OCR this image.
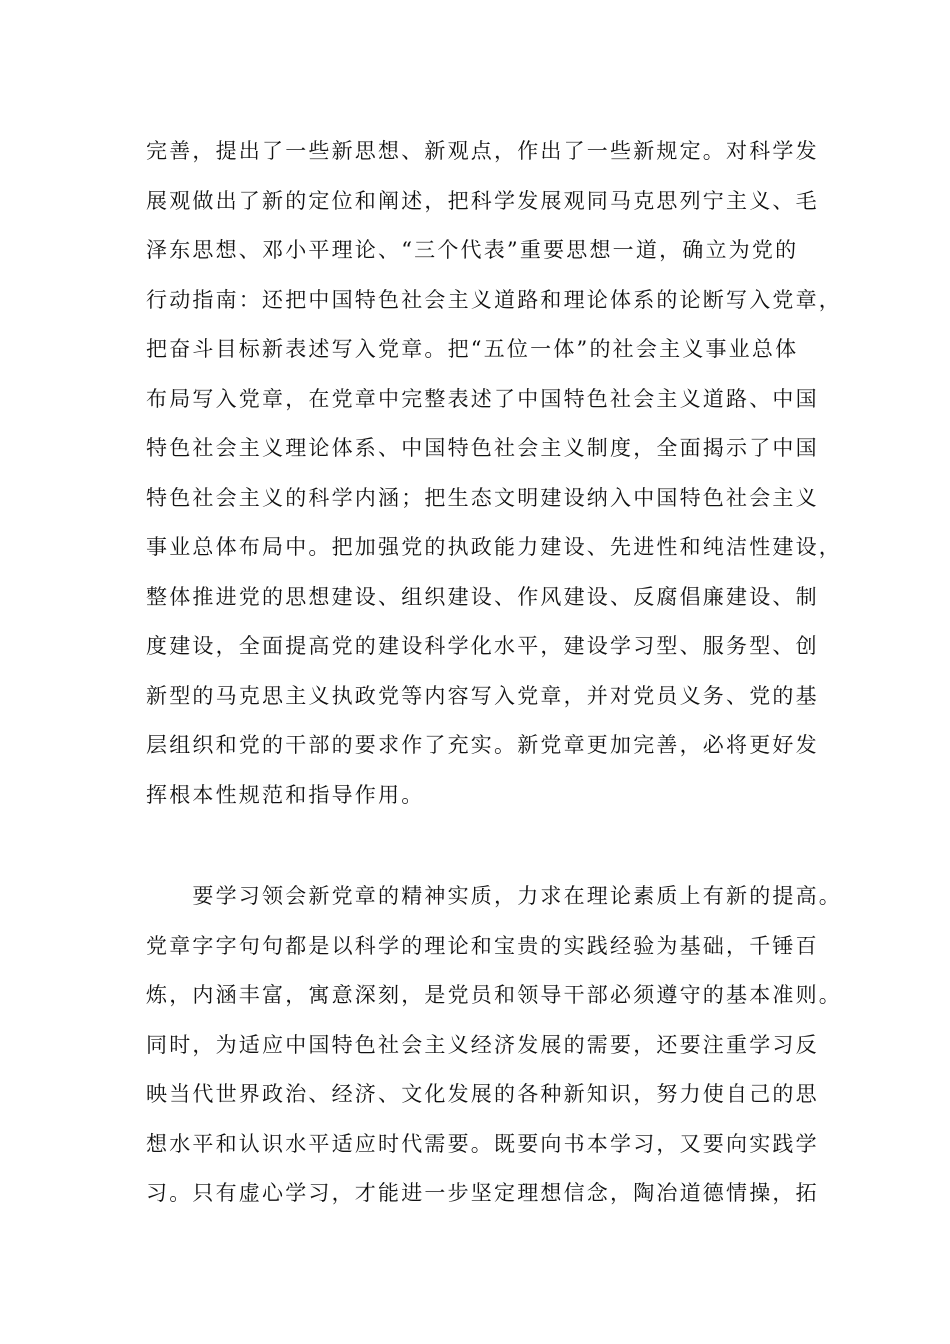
完善，提出了一些新思想、新观点，作出了一些新规定。对科学发
展观做出了新的定位和阐述，把科学发展观同马克思列宁主义、毛
泽东思想、邓小平理论、“三个代表”重要思想一道，确立为党的
行动指南：还把中国特色社会主义道路和理论体系的论断写入党章，
把奋斗目标新表述写入党章。把“五位一体”的社会主义事业总体
布局写入党章，在党章中完整表述了中国特色社会主义道路、中国
特色社会主义理论体系、中国特色社会主义制度，全面揭示了中国
特色社会主义的科学内涵；把生态文明建设纳入中国特色社会主义
事业总体布局中。把加强党的执政能力建设、先进性和纯洁性建设，
整体推进党的思想建设、组织建设、作风建设、反腐倡廉建设、制
度建设，全面提高党的建设科学化水平，建设学习型、服务型、创
新型的马克思主义执政党等内容写入党章，并对党员义务、党的基
层组织和党的干部的要求作了充实。新党章更加完善，必将更好发
挥根本性规范和指导作用。
　　要学习领会新党章的精神实质，力求在理论素质上有新的提高。
党章字字句句都是以科学的理论和宝贵的实践经验为基础，千锤百
炼，内涵丰富，寓意深刻，是党员和领导干部必须遵守的基本准则。
同时，为适应中国特色社会主义经济发展的需要，还要注重学习反
映当代世界政治、经济、文化发展的各种新知识，努力使自己的思
想水平和认识水平适应时代需要。既要向书本学习，又要向实践学
习。只有虚心学习，才能进一步坚定理想信念，陶冶道德情操，拓
